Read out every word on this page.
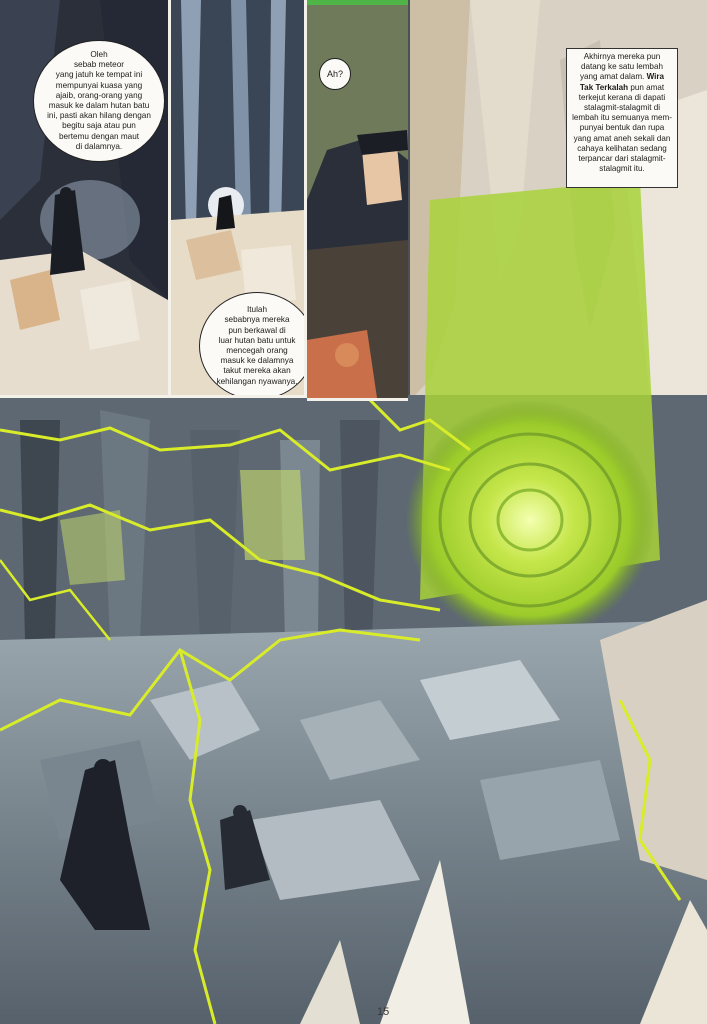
Oleh
sebab meteor
yang jatuh ke tempat ini
mempunyai kuasa yang
ajaib, orang-orang yang
masuk ke dalam hutan batu
ini, pasti akan hilang dengan
begitu saja atau pun
bertemu dengan maut
di dalamnya.
Itulah
sebabnya mereka
pun berkawal di
luar hutan batu untuk
mencegah orang
masuk ke dalamnya
takut mereka akan
kehilangan nyawanya.
Ah?
Akhirnya mereka pun
datang ke satu lembah
yang amat dalam. Wira
Tak Terkalah pun amat
terkejut kerana di dapati
stalagmit-stalagmit di
lembah itu semuanya mem-
punyai bentuk dan rupa
yang amat aneh sekali dan
cahaya kelihatan sedang
terpancar dari stalagmit-
stalagmit itu.
15
